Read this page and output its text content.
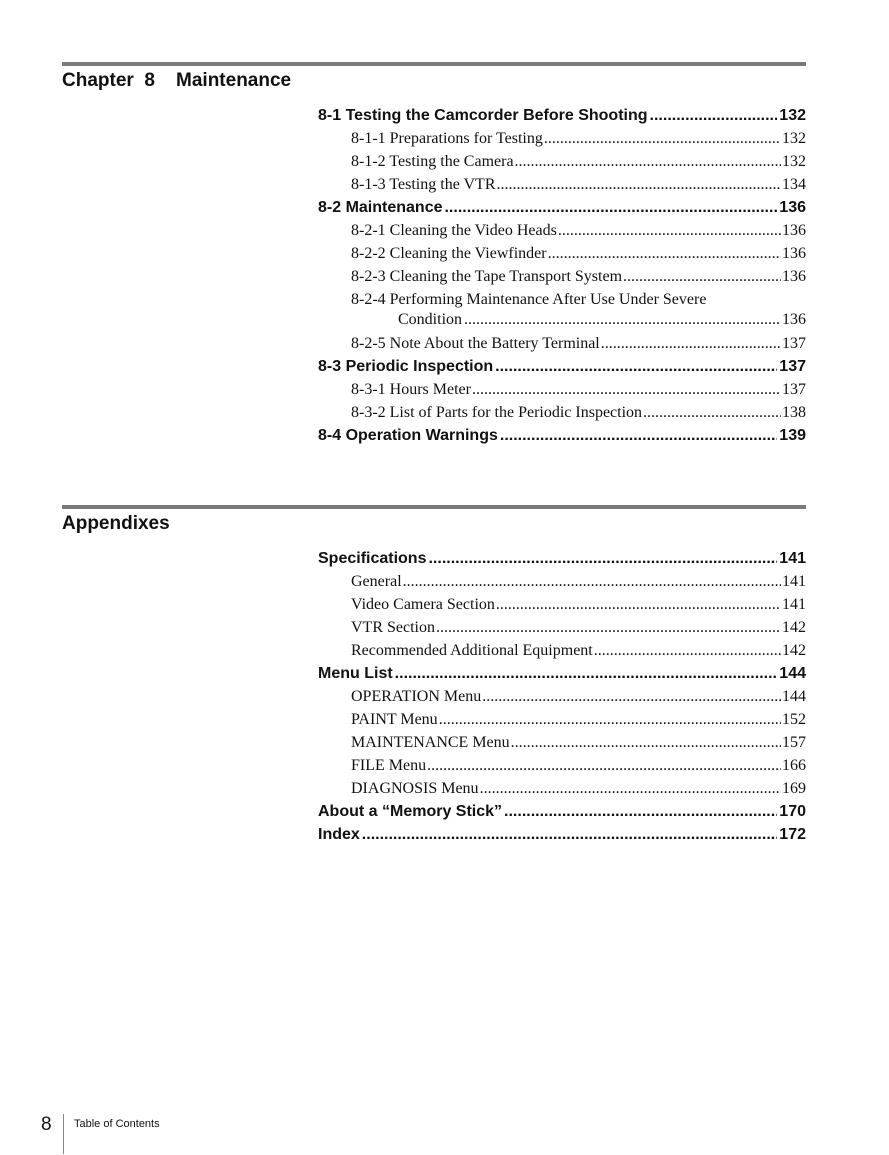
Chapter  8    Maintenance
8-1 Testing the Camcorder Before Shooting .....	132
8-1-1 Preparations for Testing .....	132
8-1-2 Testing the Camera .....	132
8-1-3 Testing the VTR .....	134
8-2 Maintenance .....	136
8-2-1 Cleaning the Video Heads .....	136
8-2-2 Cleaning the Viewfinder .....	136
8-2-3 Cleaning the Tape Transport System .....	136
8-2-4 Performing Maintenance After Use Under Severe
Condition .....	136
8-2-5 Note About the Battery Terminal .....	137
8-3 Periodic Inspection .....	137
8-3-1 Hours Meter .....	137
8-3-2 List of Parts for the Periodic Inspection .....	138
8-4 Operation Warnings .....	139
Appendixes
Specifications .....	141
General .....	141
Video Camera Section .....	141
VTR Section .....	142
Recommended Additional Equipment .....	142
Menu List .....	144
OPERATION Menu .....	144
PAINT Menu .....	152
MAINTENANCE Menu .....	157
FILE Menu .....	166
DIAGNOSIS Menu .....	169
About a “Memory Stick” .....	170
Index .....	172
8	Table of Contents
